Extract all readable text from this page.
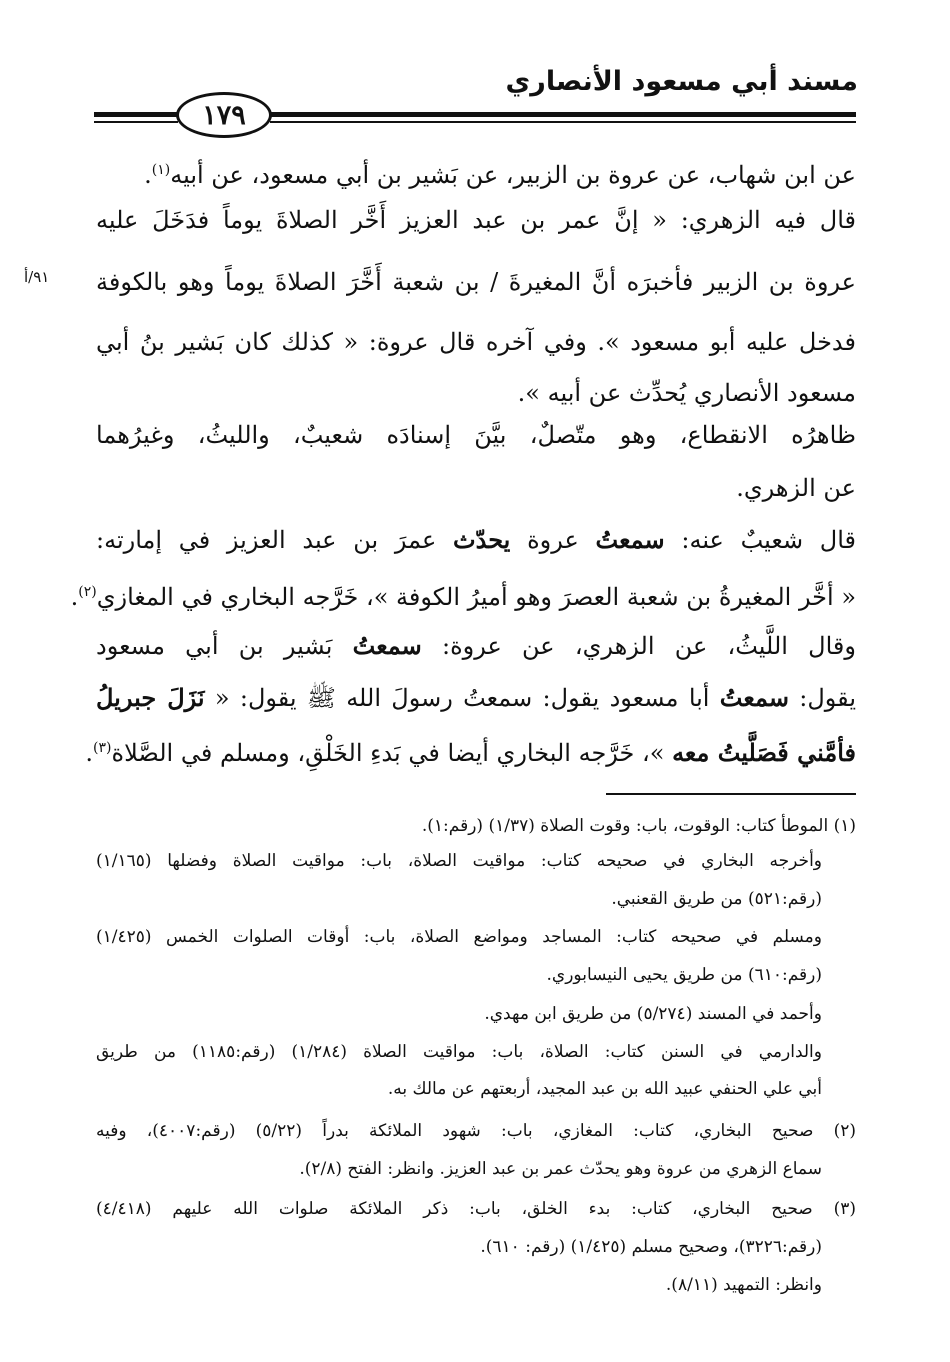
مسند أبي مسعود الأنصاري
١٧٩
٩١/أ
عن ابن شهاب، عن عروة بن الزبير، عن بَشير بن أبي مسعود، عن أبيه$^{(١)}$.
قال فيه الزهري: « إنَّ عمر بن عبد العزيز أَخَّر الصلاةَ يوماً فدَخَلَ عليه
عروة بن الزبير فأخبرَه أنَّ المغيرةَ / بن شعبة أَخَّرَ الصلاةَ يوماً وهو بالكوفة
فدخل عليه أبو مسعود ». وفي آخره قال عروة: « كذلك كان بَشير بنُ أبي
مسعود الأنصاري يُحدِّث عن أبيه ».
ظاهرُه الانقطاع، وهو متّصلٌ، بيَّنَ إسنادَه شعيبٌ، والليثُ، وغيرُهما
عن الزهري.
قال شعيبٌ عنه: سمعتُ عروة يحدّث عمرَ بن عبد العزيز في إمارته:
« أخَّر المغيرةُ بن شعبة العصرَ وهو أميرُ الكوفة »، خَرَّجه البخاري في المغازي$^{(٢)}$.
وقال اللَّيثُ، عن الزهري، عن عروة: سمعتُ بَشير بن أبي مسعود
يقول: سمعتُ أبا مسعود يقول: سمعتُ رسولَ الله ﷺ يقول: « نَزَلَ جبريلُ
فأمَّني فَصَلَّيتُ معه »، خَرَّجه البخاري أيضا في بَدءِ الخَلْقِ، ومسلم في الصَّلاة$^{(٣)}$.
(١) الموطأ كتاب: الوقوت، باب: وقوت الصلاة (١/٣٧) (رقم:١).
وأخرجه البخاري في صحيحه كتاب: مواقيت الصلاة، باب: مواقيت الصلاة وفضلها (١/١٦٥)
(رقم:٥٢١) من طريق القعنبي.
ومسلم في صحيحه كتاب: المساجد ومواضع الصلاة، باب: أوقات الصلوات الخمس (١/٤٢٥)
(رقم:٦١٠) من طريق يحيى النيسابوري.
وأحمد في المسند (٥/٢٧٤) من طريق ابن مهدي.
والدارمي في السنن كتاب: الصلاة، باب: مواقيت الصلاة (١/٢٨٤) (رقم:١١٨٥) من طريق
أبي علي الحنفي عبيد الله بن عبد المجيد، أربعتهم عن مالك به.
(٢) صحيح البخاري، كتاب: المغازي، باب: شهود الملائكة بدراً (٥/٢٢) (رقم:٤٠٠٧)، وفيه
سماع الزهري من عروة وهو يحدّث عمر بن عبد العزيز. وانظر: الفتح (٢/٨).
(٣) صحيح البخاري، كتاب: بدء الخلق، باب: ذكر الملائكة صلوات الله عليهم (٤/٤١٨)
(رقم:٣٢٢٦)، وصحيح مسلم (١/٤٢٥) (رقم: ٦١٠).
وانظر: التمهيد (٨/١١).
